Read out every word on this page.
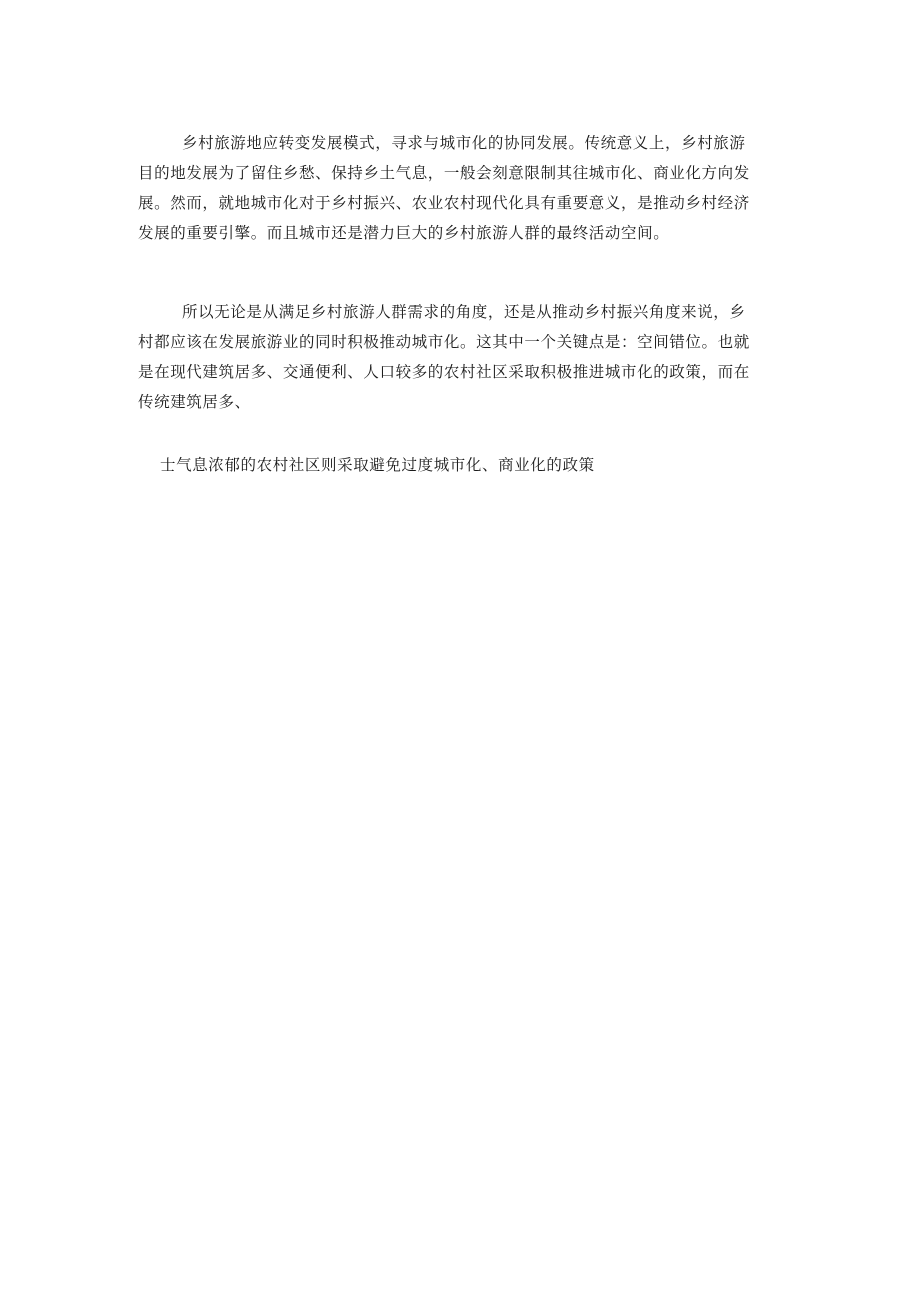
乡村旅游地应转变发展模式，寻求与城市化的协同发展。传统意义上，乡村旅游
目的地发展为了留住乡愁、保持乡土气息，一般会刻意限制其往城市化、商业化方向发
展。然而，就地城市化对于乡村振兴、农业农村现代化具有重要意义，是推动乡村经济
发展的重要引擎。而且城市还是潜力巨大的乡村旅游人群的最终活动空间。
所以无论是从满足乡村旅游人群需求的角度，还是从推动乡村振兴角度来说，乡
村都应该在发展旅游业的同时积极推动城市化。这其中一个关键点是：空间错位。也就
是在现代建筑居多、交通便利、人口较多的农村社区采取积极推进城市化的政策，而在
传统建筑居多、
士气息浓郁的农村社区则采取避免过度城市化、商业化的政策
